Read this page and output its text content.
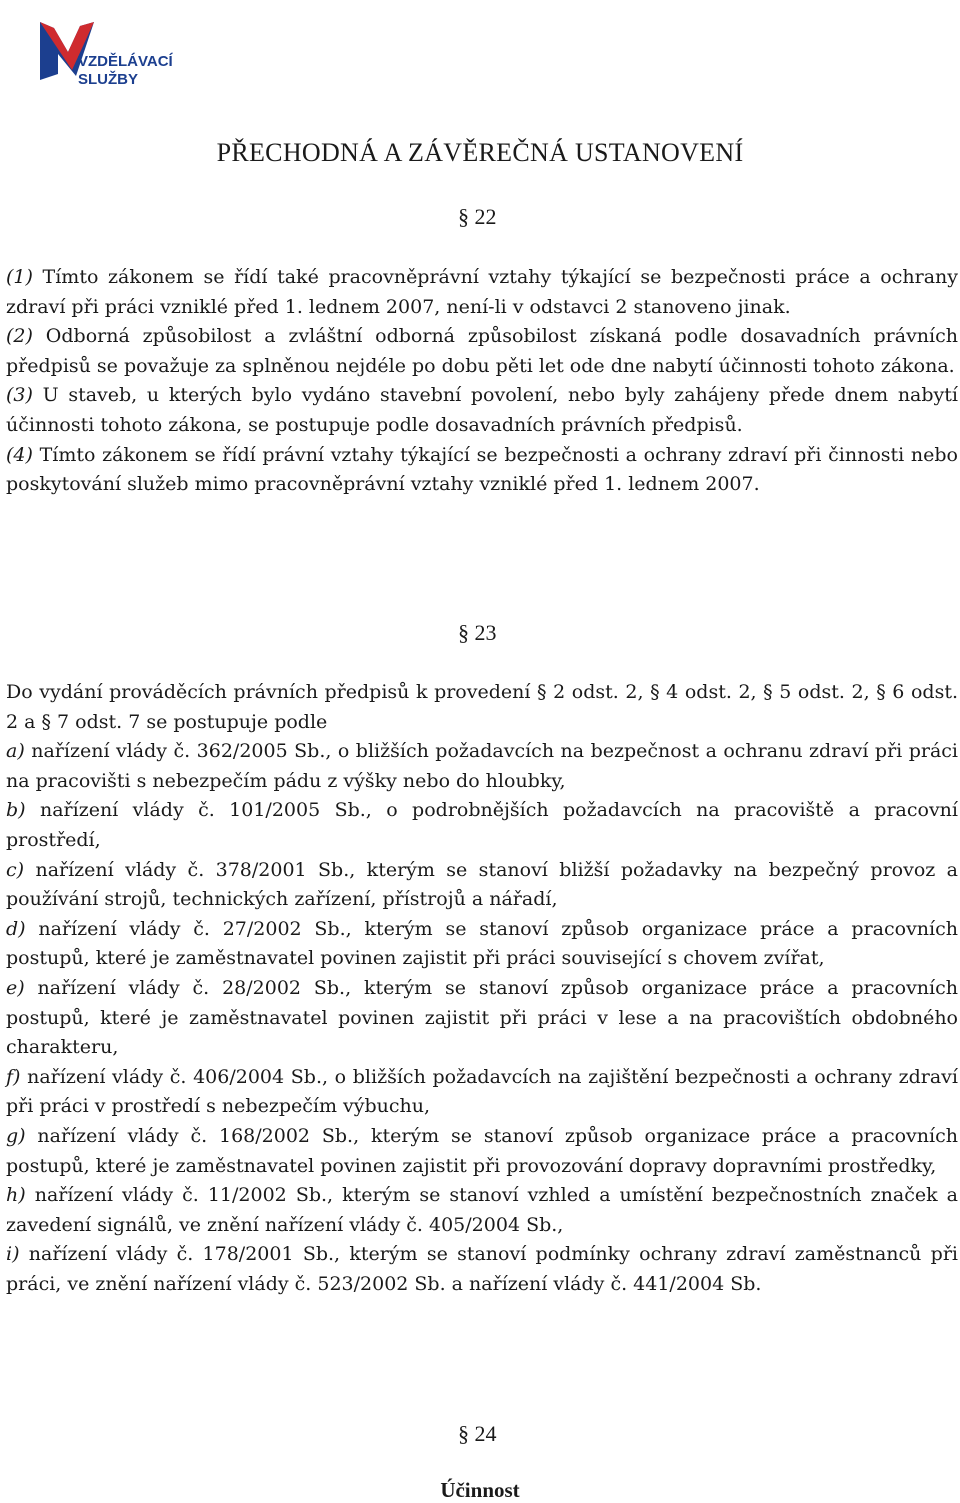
VZDĚLÁVACÍ
SLUŽBY
PŘECHODNÁ A ZÁVĚREČNÁ USTANOVENÍ
§ 22

(1) Tímto zákonem se řídí také pracovněprávní vztahy týkající se bezpečnosti práce a ochrany zdraví při práci vzniklé před 1. lednem 2007, není-li v odstavci 2 stanoveno jinak.

(2) Odborná způsobilost a zvláštní odborná způsobilost získaná podle dosavadních právních předpisů se považuje za splněnou nejdéle po dobu pěti let ode dne nabytí účinnosti tohoto zákona.

(3) U staveb, u kterých bylo vydáno stavební povolení, nebo byly zahájeny přede dnem nabytí účinnosti tohoto zákona, se postupuje podle dosavadních právních předpisů.

(4) Tímto zákonem se řídí právní vztahy týkající se bezpečnosti a ochrany zdraví při činnosti nebo poskytování služeb mimo pracovněprávní vztahy vzniklé před 1. lednem 2007.

§ 23

Do vydání prováděcích právních předpisů k provedení § 2 odst. 2, § 4 odst. 2, § 5 odst. 2, § 6 odst. 2 a § 7 odst. 7 se postupuje podle

a) nařízení vlády č. 362/2005 Sb., o bližších požadavcích na bezpečnost a ochranu zdraví při práci na pracovišti s nebezpečím pádu z výšky nebo do hloubky,

b) nařízení vlády č. 101/2005 Sb., o podrobnějších požadavcích na pracoviště a pracovní prostředí,

c) nařízení vlády č. 378/2001 Sb., kterým se stanoví bližší požadavky na bezpečný provoz a používání strojů, technických zařízení, přístrojů a nářadí,

d) nařízení vlády č. 27/2002 Sb., kterým se stanoví způsob organizace práce a pracovních postupů, které je zaměstnavatel povinen zajistit při práci související s chovem zvířat,

e) nařízení vlády č. 28/2002 Sb., kterým se stanoví způsob organizace práce a pracovních postupů, které je zaměstnavatel povinen zajistit při práci v lese a na pracovištích obdobného charakteru,

f) nařízení vlády č. 406/2004 Sb., o bližších požadavcích na zajištění bezpečnosti a ochrany zdraví při práci v prostředí s nebezpečím výbuchu,

g) nařízení vlády č. 168/2002 Sb., kterým se stanoví způsob organizace práce a pracovních postupů, které je zaměstnavatel povinen zajistit při provozování dopravy dopravními prostředky,

h) nařízení vlády č. 11/2002 Sb., kterým se stanoví vzhled a umístění bezpečnostních značek a zavedení signálů, ve znění nařízení vlády č. 405/2004 Sb.,

i) nařízení vlády č. 178/2001 Sb., kterým se stanoví podmínky ochrany zdraví zaměstnanců při práci, ve znění nařízení vlády č. 523/2002 Sb. a nařízení vlády č. 441/2004 Sb.

§ 24
Účinnost
